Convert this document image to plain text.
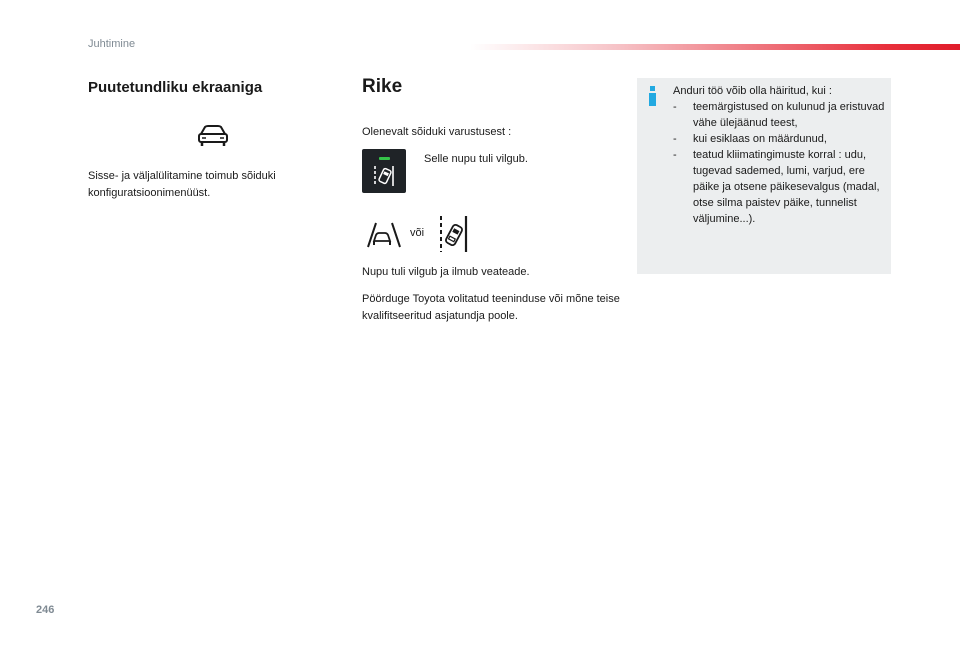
Juhtimine
Puutetundliku ekraaniga
Sisse- ja väljalülitamine toimub sõiduki konfiguratsioonimenüüst.
Rike
Olenevalt sõiduki varustusest :
Selle nupu tuli vilgub.
või
Nupu tuli vilgub ja ilmub veateade.
Pöörduge Toyota volitatud teeninduse või mõne teise kvalifitseeritud asjatundja poole.
Anduri töö võib olla häiritud, kui :
- teemärgistused on kulunud ja eristuvad vähe ülejäänud teest,
- kui esiklaas on määrdunud,
- teatud kliimatingimuste korral : udu, tugevad sademed, lumi, varjud, ere päike ja otsene päikesevalgus (madal, otse silma paistev päike, tunnelist väljumine...).
246
